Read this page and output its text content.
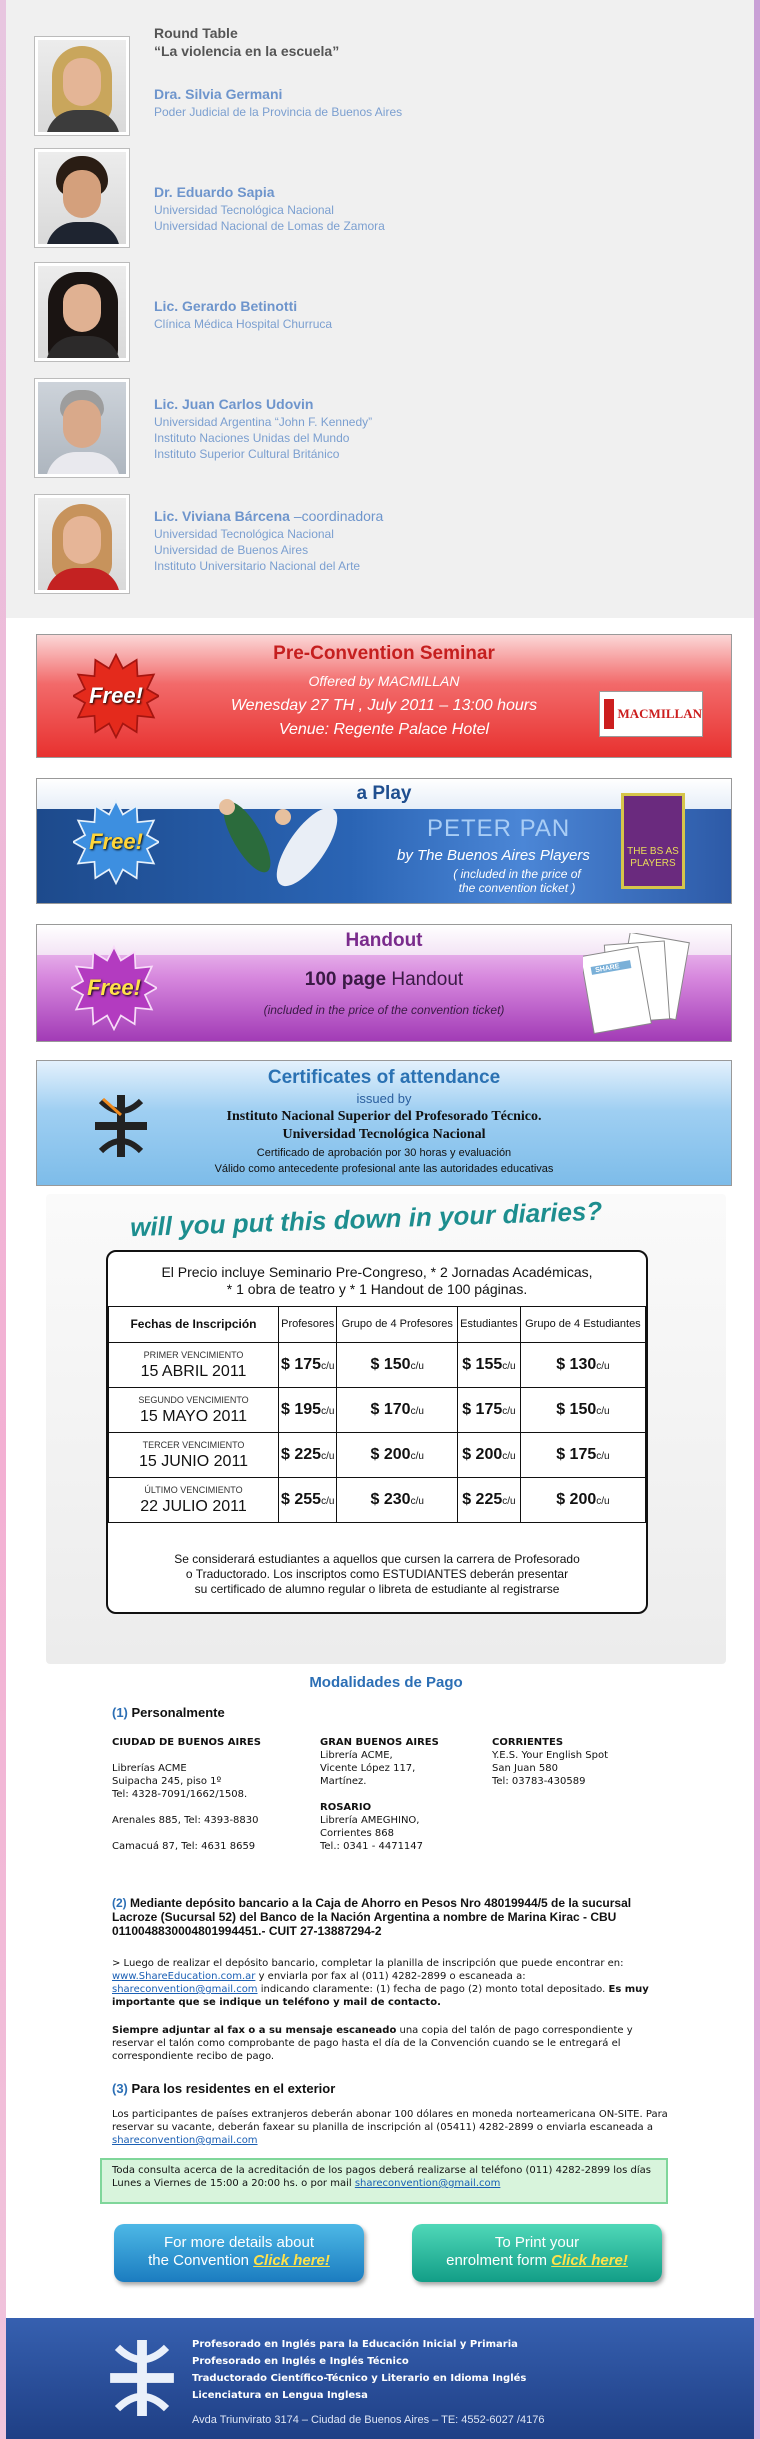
Round Table
“La violencia en la escuela”
Dra. Silvia Germani
Poder Judicial de la Provincia de Buenos Aires
Dr. Eduardo Sapia
Universidad Tecnológica Nacional
Universidad Nacional de Lomas de Zamora
Lic. Gerardo Betinotti
Clínica Médica Hospital Churruca
Lic. Juan Carlos Udovin
Universidad Argentina “John F. Kennedy”
Instituto Naciones Unidas del Mundo
Instituto Superior Cultural Británico
Lic. Viviana Bárcena –coordinadora
Universidad Tecnológica Nacional
Universidad de Buenos Aires
Instituto Universitario Nacional del Arte
Free!
Pre-Convention Seminar
Offered by MACMILLAN
Wenesday 27 TH , July 2011 – 13:00 hours
Venue: Regente Palace Hotel
MACMILLAN
a Play
Free!	PETER PAN
by The Buenos Aires Players
( included in the price of
the convention ticket )
THE BS AS PLAYERS
Handout
Free!	100 page Handout
(included in the price of the convention ticket)
SHARE
Certificates of attendance
issued by
Instituto Nacional Superior del Profesorado Técnico.
Universidad Tecnológica Nacional
Certificado de aprobación por 30 horas y evaluación
Válido como antecedente profesional ante las autoridades educativas
will you put this down in your diaries?
El Precio incluye Seminario Pre-Congreso, * 2 Jornadas Académicas,
* 1 obra de teatro y * 1 Handout de 100 páginas.
Fechas de Inscripción	Profesores	Grupo de 4 Profesores	Estudiantes	Grupo de 4 Estudiantes
PRIMER VENCIMIENTO
15 ABRIL 2011	$ 175c/u	$ 150c/u	$ 155c/u	$ 130c/u
SEGUNDO VENCIMIENTO
15 MAYO 2011	$ 195c/u	$ 170c/u	$ 175c/u	$ 150c/u
TERCER VENCIMIENTO
15 JUNIO 2011	$ 225c/u	$ 200c/u	$ 200c/u	$ 175c/u
ÚLTIMO VENCIMIENTO
22 JULIO 2011	$ 255c/u	$ 230c/u	$ 225c/u	$ 200c/u
Se considerará estudiantes a aquellos que cursen la carrera de Profesorado
o Traductorado. Los inscriptos como ESTUDIANTES deberán presentar
su certificado de alumno regular o libreta de estudiante al registrarse
Modalidades de Pago
(1) Personalmente
CIUDAD DE BUENOS AIRES
Librerías ACME
Suipacha 245, piso 1º
Tel: 4328-7091/1662/1508.
Arenales 885, Tel: 4393-8830
Camacuá 87, Tel: 4631 8659
GRAN BUENOS AIRES
Librería ACME,
Vicente López 117,
Martínez.
ROSARIO
Librería AMEGHINO,
Corrientes 868
Tel.: 0341 - 4471147
CORRIENTES
Y.E.S. Your English Spot
San Juan 580
Tel: 03783-430589
(2) Mediante depósito bancario a la Caja de Ahorro en Pesos Nro 48019944/5 de la sucursal Lacroze (Sucursal 52) del Banco de la Nación Argentina a nombre de Marina Kirac - CBU 0110048830004801994451.- CUIT 27-13887294-2
> Luego de realizar el depósito bancario, completar la planilla de inscripción que puede encontrar en: www.ShareEducation.com.ar y enviarla por fax al (011) 4282-2899 o escaneada a: shareconvention@gmail.com indicando claramente: (1) fecha de pago (2) monto total depositado. Es muy importante que se indique un teléfono y mail de contacto.
Siempre adjuntar al fax o a su mensaje escaneado una copia del talón de pago correspondiente y reservar el talón como comprobante de pago hasta el día de la Convención cuando se le entregará el correspondiente recibo de pago.
(3) Para los residentes en el exterior
Los participantes de países extranjeros deberán abonar 100 dólares en moneda norteamericana ON-SITE. Para reservar su vacante, deberán faxear su planilla de inscripción al (05411) 4282-2899 o enviarla escaneada a shareconvention@gmail.com
Toda consulta acerca de la acreditación de los pagos deberá realizarse al teléfono (011) 4282-2899 los días Lunes a Viernes de 15:00 a 20:00 hs. o por mail shareconvention@gmail.com
For more details about
the Convention Click here!
To Print your
enrolment form Click here!
Profesorado en Inglés para la Educación Inicial y Primaria
Profesorado en Inglés e Inglés Técnico
Traductorado Científico-Técnico y Literario en Idioma Inglés
Licenciatura en Lengua Inglesa
Avda Triunvirato 3174 – Ciudad de Buenos Aires – TE: 4552-6027 /4176
